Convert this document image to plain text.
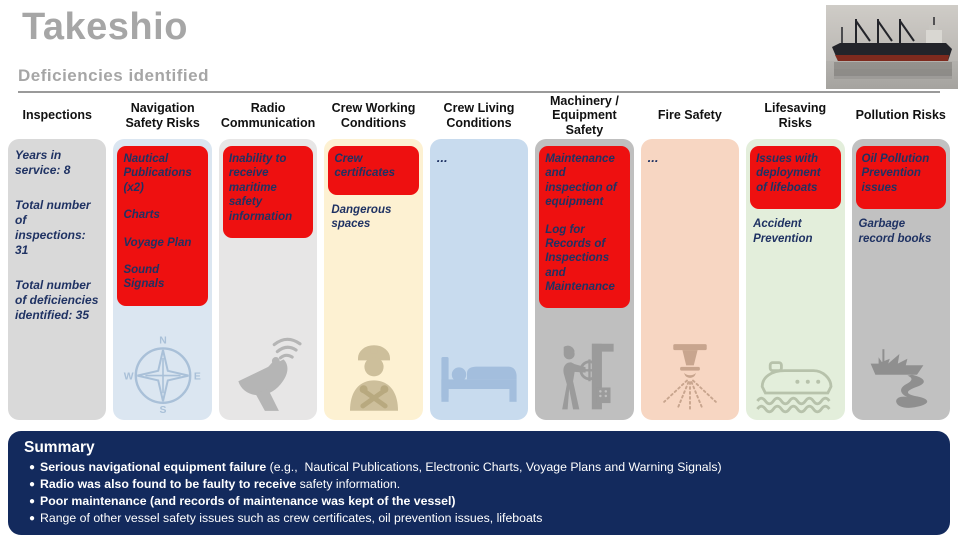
Takeshio
Deficiencies identified
Inspections

Years in service: 8

Total number of inspections: 31

Total number of deficiencies identified: 35

Navigation Safety Risks

Nautical Publications (x2)

Charts

Voyage Plan

Sound Signals

N
E
S
W
Radio Communication

Inability to receive maritime safety information

Crew Working Conditions

Crew certificates

Dangerous spaces

Crew Living Conditions

...

Machinery / Equipment Safety

Maintenance and inspection of equipment

Log for Records of Inspections and Maintenance

Fire Safety

...

Lifesaving Risks

Issues with deployment of lifeboats

Accident Prevention

Pollution Risks

Oil Pollution Prevention issues

Garbage record books

Summary
● Serious navigational equipment failure (e.g.,  Nautical Publications, Electronic Charts, Voyage Plans and Warning Signals)
● Radio was also found to be faulty to receive safety information.
● Poor maintenance (and records of maintenance was kept of the vessel)
● Range of other vessel safety issues such as crew certificates, oil prevention issues, lifeboats
